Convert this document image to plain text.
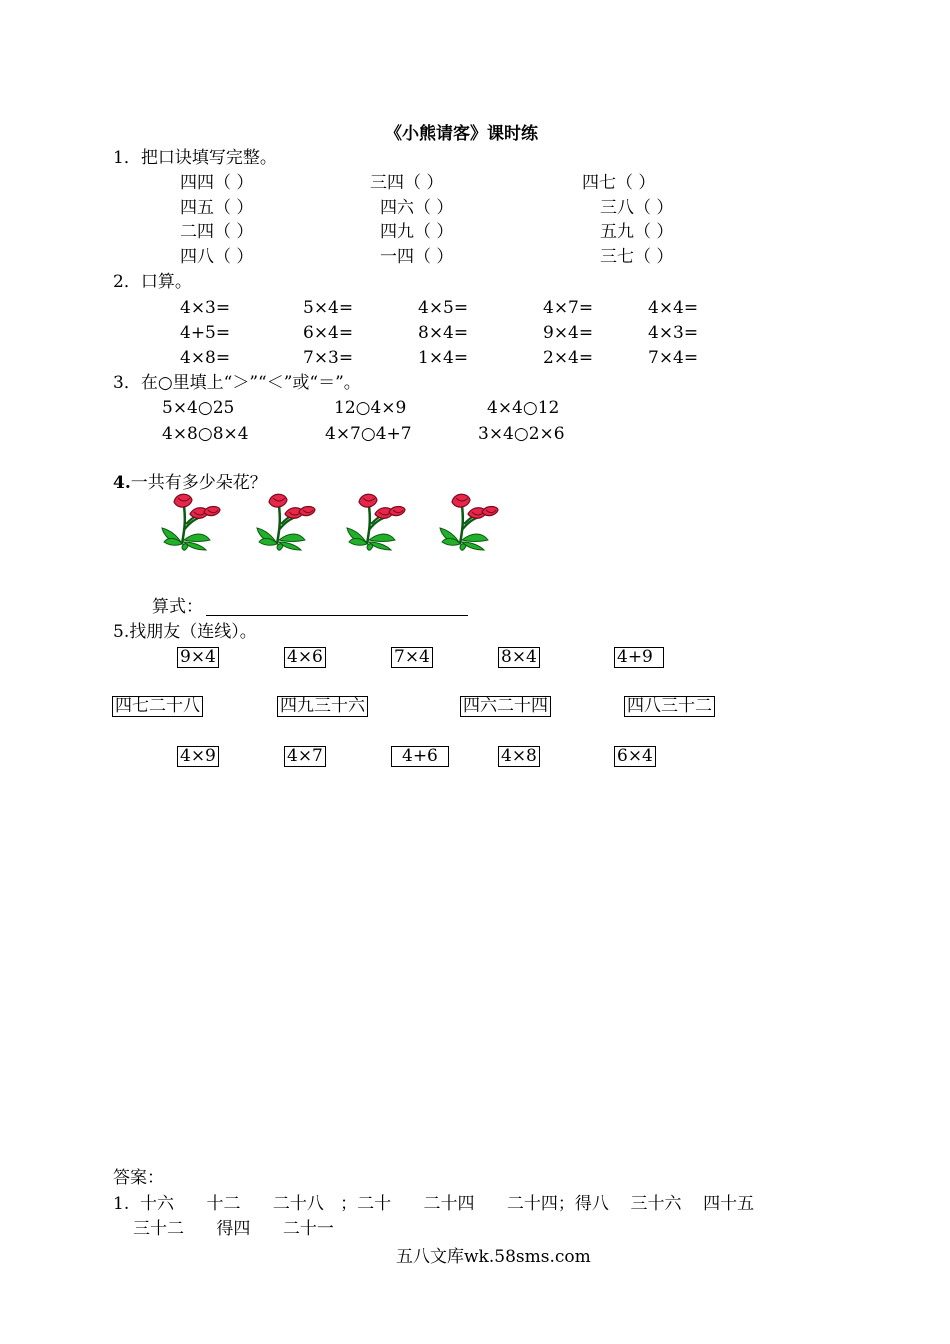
《小熊请客》课时练
1．把口诀填写完整。
四四（ ）	三四（ ）	四七（ ）
四五（ ）	四六（ ）	三八（ ）
二四（ ）	四九（ ）	五九（ ）
四八（ ）	一四（ ）	三七（ ）
2．口算。
4×3=	5×4=	4×5=	4×7=	4×4=
4+5=	6×4=	8×4=	9×4=	4×3=
4×8=	7×3=	1×4=	2×4=	7×4=
3．在○里填上“＞”“＜”或“＝”。
5×4○25	12○4×9	4×4○12
4×8○8×4	4×7○4+7	3×4○2×6
4.一共有多少朵花？
算式：
5.找朋友（连线）。
9×4	4×6	7×4	8×4	4+9
四七二十八	四九三十六	四六二十四	四八三十二
4×9	4×7	4+6	4×8	6×4
答案：
1.  十六      十二      二十八   ；二十      二十四      二十四；得八    三十六    四十五
三十二      得四      二十一
五八文库wk.58sms.com
